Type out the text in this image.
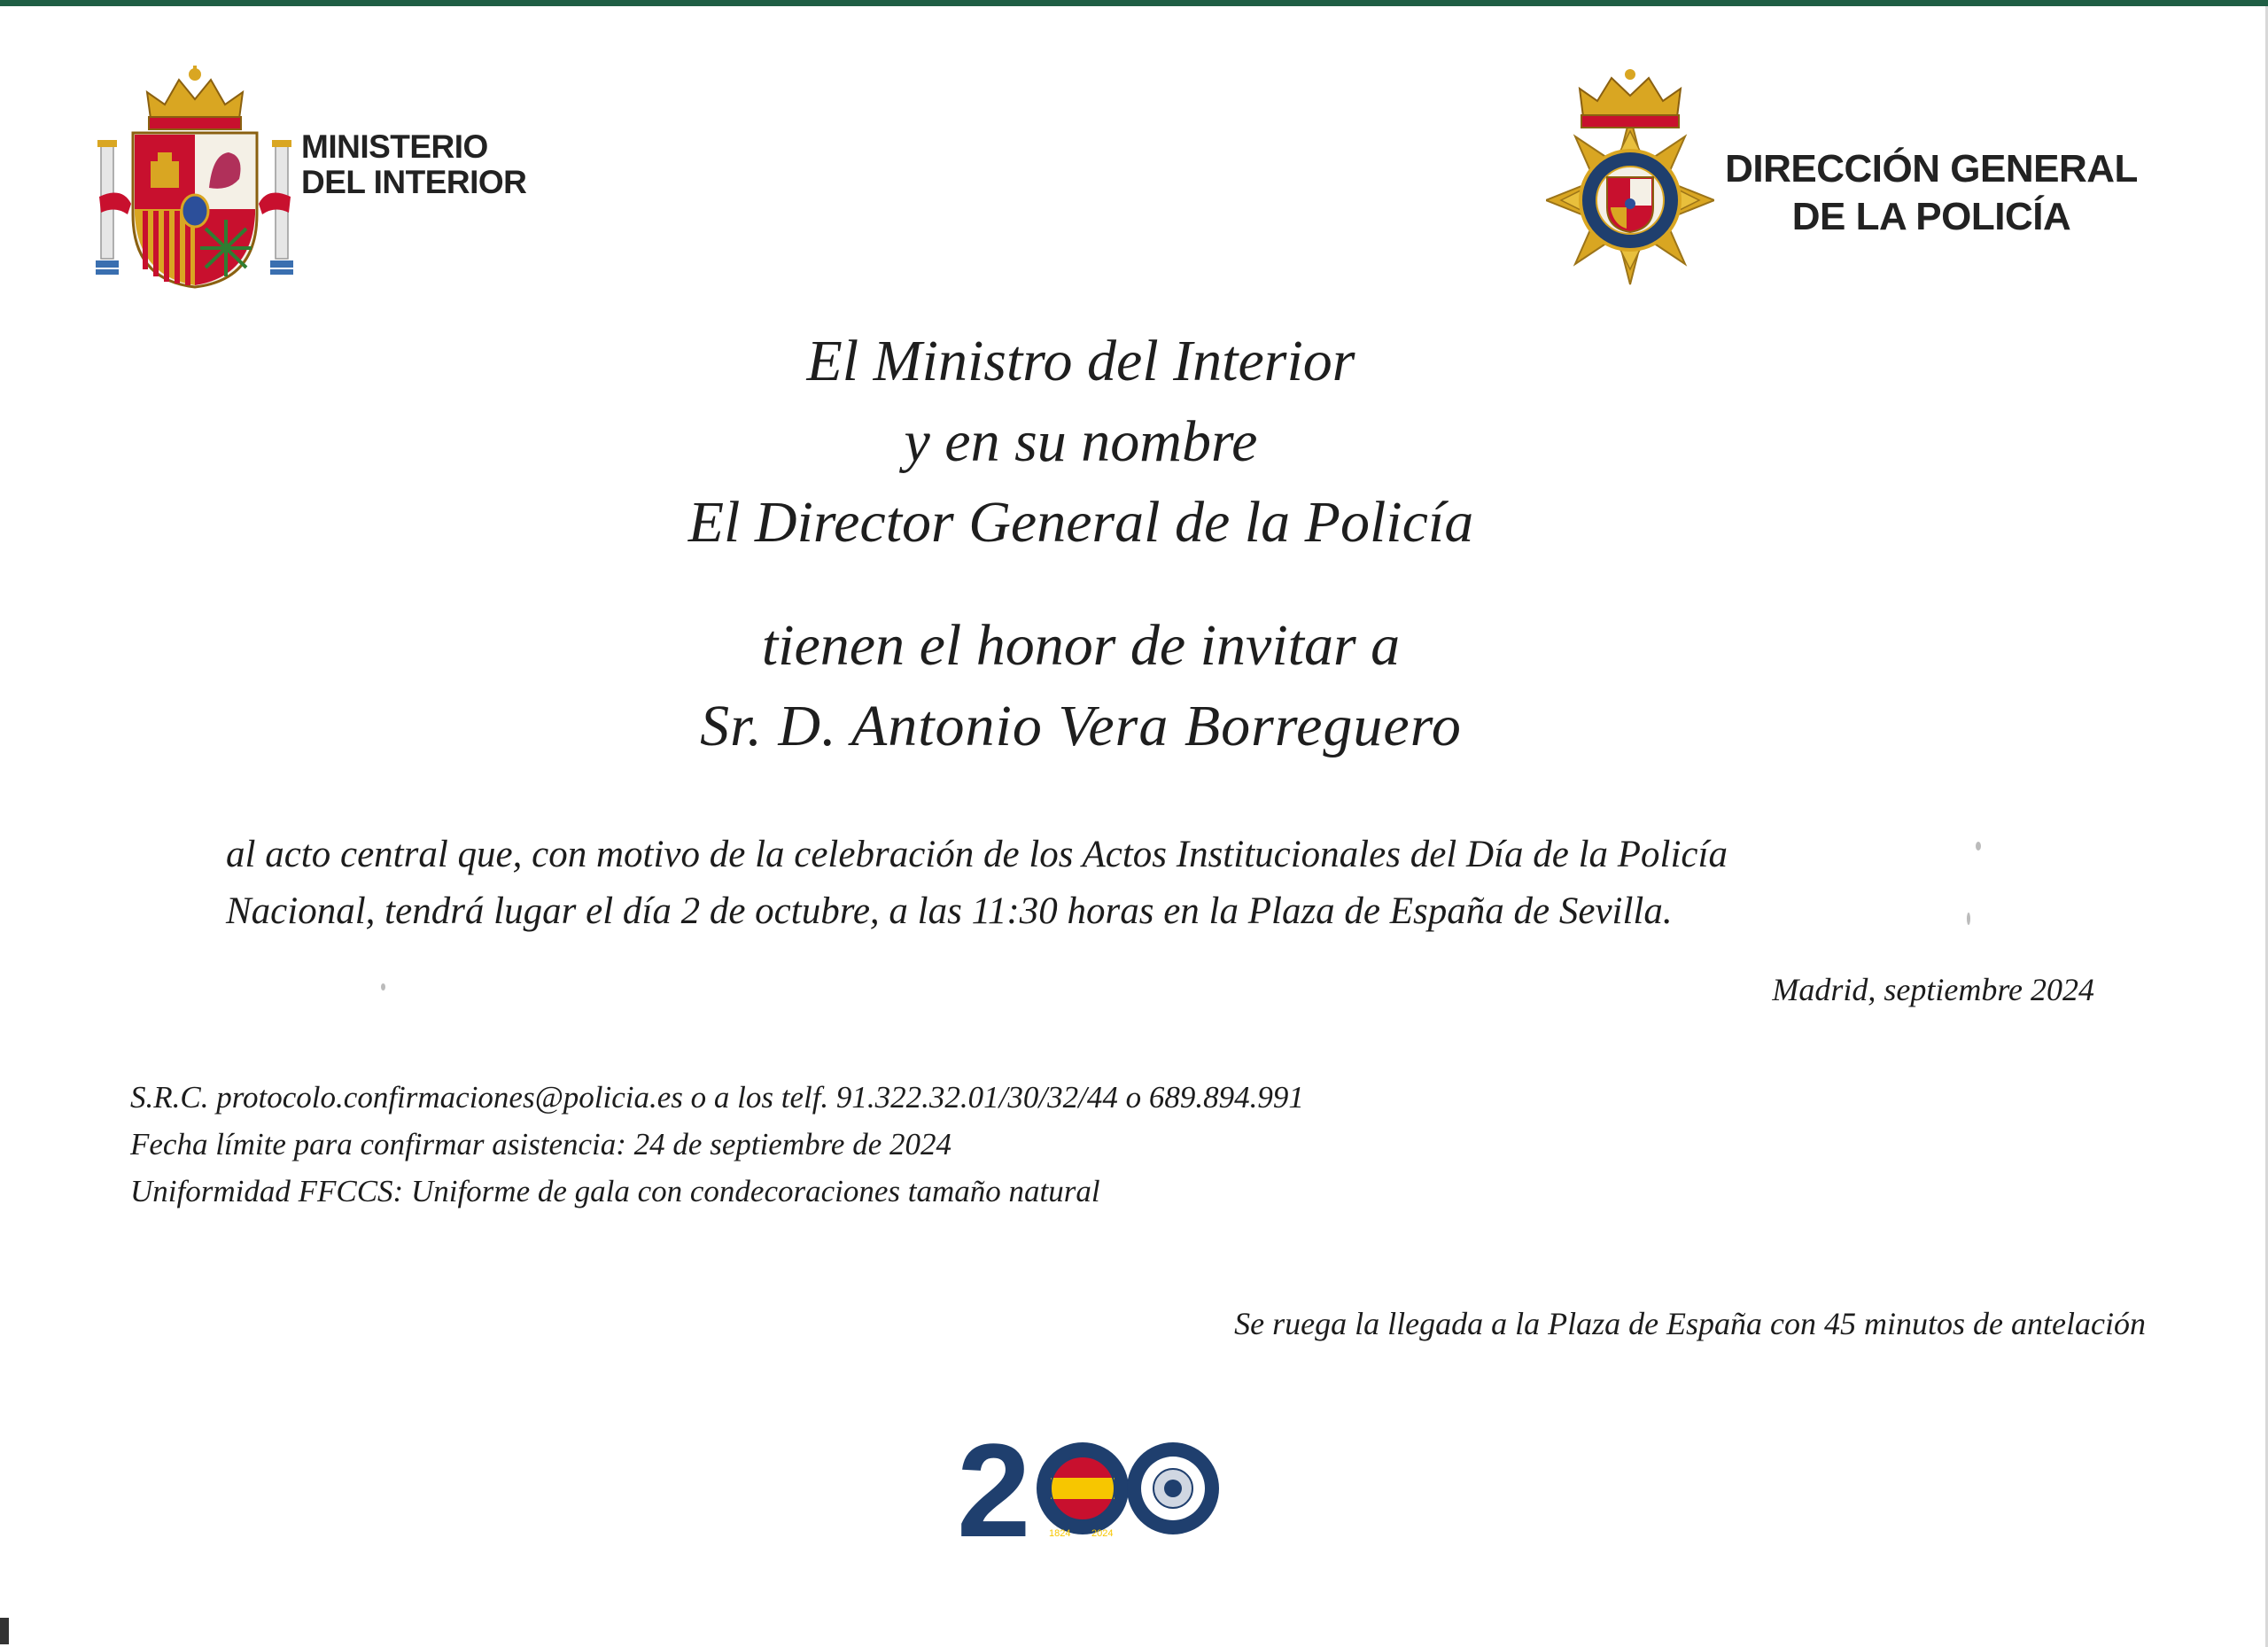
MINISTERIO
DEL INTERIOR	DIRECCIÓN GENERAL
DE LA POLICÍA
El Ministro del Interior
y en su nombre
El Director General de la Policía
tienen el honor de invitar a
Sr. D. Antonio Vera Borreguero
al acto central que, con motivo de la celebración de los Actos Institucionales del Día de la Policía
Nacional, tendrá lugar el día 2 de octubre, a las 11:30 horas en la Plaza de España de Sevilla.
Madrid, septiembre 2024
S.R.C. protocolo.confirmaciones@policia.es o a los telf. 91.322.32.01/30/32/44 o 689.894.991
Fecha límite para confirmar asistencia: 24 de septiembre de 2024
Uniformidad FFCCS: Uniforme de gala con condecoraciones tamaño natural
Se ruega la llegada a la Plaza de España con 45 minutos de antelación
2 1824 2024
